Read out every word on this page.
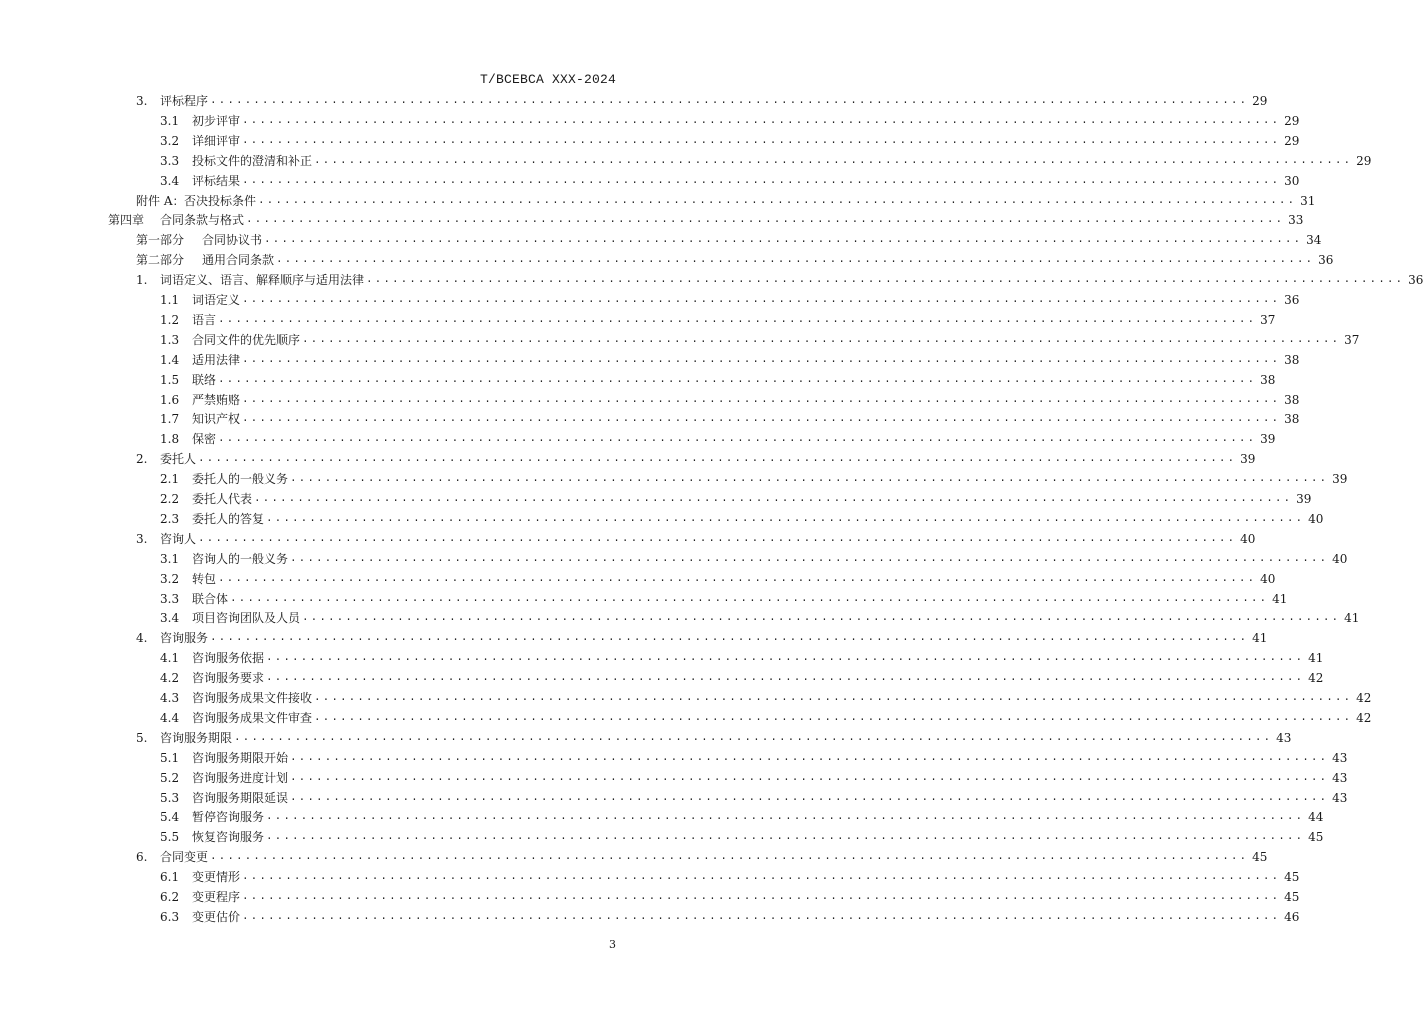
T/BCEBCA XXX-2024
3.	评标程序 ........................................................................................................................ 29
3.1	初步评审 ........................................................................................................................ 29
3.2	详细评审 ........................................................................................................................ 29
3.3	投标文件的澄清和补正 ........................................................................................................................ 29
3.4	评标结果 ........................................................................................................................ 30
附件 A： 否决投标条件 ........................................................................................................................ 31
第四章	合同条款与格式 ........................................................................................................................ 33
第一部分	合同协议书 ........................................................................................................................ 34
第二部分	通用合同条款 ........................................................................................................................ 36
1.	词语定义、语言、解释顺序与适用法律 ........................................................................................................................ 36
1.1	词语定义 ........................................................................................................................ 36
1.2	语言 ........................................................................................................................ 37
1.3	合同文件的优先顺序 ........................................................................................................................ 37
1.4	适用法律 ........................................................................................................................ 38
1.5	联络 ........................................................................................................................ 38
1.6	严禁贿赂 ........................................................................................................................ 38
1.7	知识产权 ........................................................................................................................ 38
1.8	保密 ........................................................................................................................ 39
2.	委托人 ........................................................................................................................ 39
2.1	委托人的一般义务 ........................................................................................................................ 39
2.2	委托人代表 ........................................................................................................................ 39
2.3	委托人的答复 ........................................................................................................................ 40
3.	咨询人 ........................................................................................................................ 40
3.1	咨询人的一般义务 ........................................................................................................................ 40
3.2	转包 ........................................................................................................................ 40
3.3	联合体 ........................................................................................................................ 41
3.4	项目咨询团队及人员 ........................................................................................................................ 41
4.	咨询服务 ........................................................................................................................ 41
4.1	咨询服务依据 ........................................................................................................................ 41
4.2	咨询服务要求 ........................................................................................................................ 42
4.3	咨询服务成果文件接收 ........................................................................................................................ 42
4.4	咨询服务成果文件审查 ........................................................................................................................ 42
5.	咨询服务期限 ........................................................................................................................ 43
5.1	咨询服务期限开始 ........................................................................................................................ 43
5.2	咨询服务进度计划 ........................................................................................................................ 43
5.3	咨询服务期限延误 ........................................................................................................................ 43
5.4	暂停咨询服务 ........................................................................................................................ 44
5.5	恢复咨询服务 ........................................................................................................................ 45
6.	合同变更 ........................................................................................................................ 45
6.1	变更情形 ........................................................................................................................ 45
6.2	变更程序 ........................................................................................................................ 45
6.3	变更估价 ........................................................................................................................ 46
3
